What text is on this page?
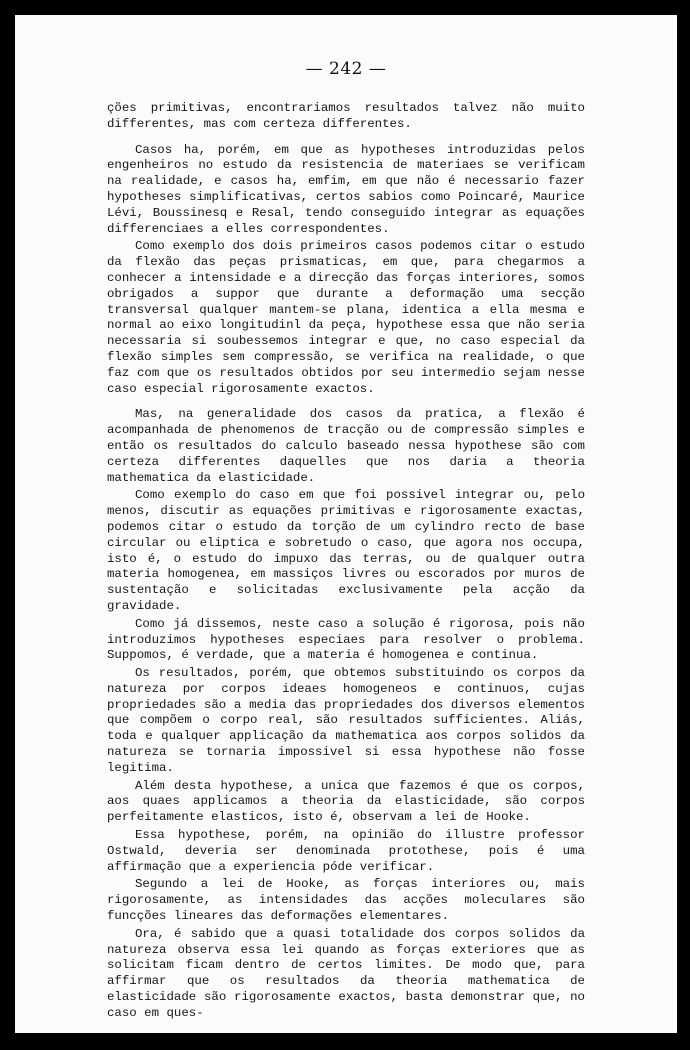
— 242 —

ções primitivas, encontrariamos resultados talvez não muito differentes, mas com certeza differentes.

Casos ha, porém, em que as hypotheses introduzidas pelos engenheiros no estudo da resistencia de materiaes se verificam na realidade, e casos ha, emfim, em que não é necessario fazer hypotheses simplificativas, certos sabios como Poincaré, Maurice Lévi, Boussinesq e Resal, tendo conseguido integrar as equações differenciaes a elles correspondentes.

Como exemplo dos dois primeiros casos podemos citar o estudo da flexão das peças prismaticas, em que, para chegarmos a conhecer a intensidade e a direcção das forças interiores, somos obrigados a suppor que durante a deformação uma secção transversal qualquer mantem-se plana, identica a ella mesma e normal ao eixo longitudinl da peça, hypothese essa que não seria necessaria si soubessemos integrar e que, no caso especial da flexão simples sem compressão, se verifica na realidade, o que faz com que os resultados obtidos por seu intermedio sejam nesse caso especial rigorosamente exactos.

Mas, na generalidade dos casos da pratica, a flexão é acompanhada de phenomenos de tracção ou de compressão simples e então os resultados do calculo baseado nessa hypothese são com certeza differentes daquelles que nos daria a theoria mathematica da elasticidade.

Como exemplo do caso em que foi possivel integrar ou, pelo menos, discutir as equações primitivas e rigorosamente exactas, podemos citar o estudo da torção de um cylindro recto de base circular ou eliptica e sobretudo o caso, que agora nos occupa, isto é, o estudo do impuxo das terras, ou de qualquer outra materia homogenea, em massiços livres ou escorados por muros de sustentação e solicitadas exclusivamente pela acção da gravidade.

Como já dissemos, neste caso a solução é rigorosa, pois não introduzimos hypotheses especiaes para resolver o problema. Suppomos, é verdade, que a materia é homogenea e continua.

Os resultados, porém, que obtemos substituindo os corpos da natureza por corpos ideaes homogeneos e continuos, cujas propriedades são a media das propriedades dos diversos elementos que compõem o corpo real, são resultados sufficientes. Aliás, toda e qualquer applicação da mathematica aos corpos solidos da natureza se tornaria impossivel si essa hypothese não fosse legitima.

Além desta hypothese, a unica que fazemos é que os corpos, aos quaes applicamos a theoria da elasticidade, são corpos perfeitamente elasticos, isto é, observam a lei de Hooke.

Essa hypothese, porém, na opinião do illustre professor Ostwald, deveria ser denominada protothese, pois é uma affirmação que a experiencia póde verificar.

Segundo a lei de Hooke, as forças interiores ou, mais rigorosamente, as intensidades das acções moleculares são funcções lineares das deformações elementares.

Ora, é sabido que a quasi totalidade dos corpos solidos da natureza observa essa lei quando as forças exteriores que as solicitam ficam dentro de certos limites. De modo que, para affirmar que os resultados da theoria mathematica de elasticidade são rigorosamente exactos, basta demonstrar que, no caso em ques-
